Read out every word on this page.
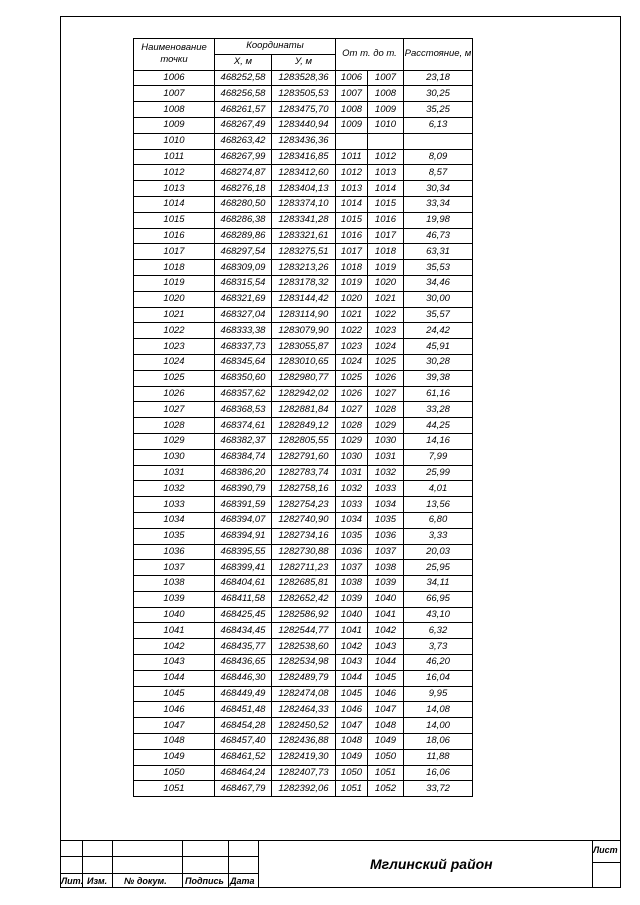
Наименование точки	Координаты		От т. до т.		Расстояние, м
	X, м	У, м			
1006	468252,58	1283528,36	1006	1007	23,18
1007	468256,58	1283505,53	1007	1008	30,25
1008	468261,57	1283475,70	1008	1009	35,25
1009	468267,49	1283440,94	1009	1010	6,13
1010	468263,42	1283436,36			
1011	468267,99	1283416,85	1011	1012	8,09
1012	468274,87	1283412,60	1012	1013	8,57
1013	468276,18	1283404,13	1013	1014	30,34
1014	468280,50	1283374,10	1014	1015	33,34
1015	468286,38	1283341,28	1015	1016	19,98
1016	468289,86	1283321,61	1016	1017	46,73
1017	468297,54	1283275,51	1017	1018	63,31
1018	468309,09	1283213,26	1018	1019	35,53
1019	468315,54	1283178,32	1019	1020	34,46
1020	468321,69	1283144,42	1020	1021	30,00
1021	468327,04	1283114,90	1021	1022	35,57
1022	468333,38	1283079,90	1022	1023	24,42
1023	468337,73	1283055,87	1023	1024	45,91
1024	468345,64	1283010,65	1024	1025	30,28
1025	468350,60	1282980,77	1025	1026	39,38
1026	468357,62	1282942,02	1026	1027	61,16
1027	468368,53	1282881,84	1027	1028	33,28
1028	468374,61	1282849,12	1028	1029	44,25
1029	468382,37	1282805,55	1029	1030	14,16
1030	468384,74	1282791,60	1030	1031	7,99
1031	468386,20	1282783,74	1031	1032	25,99
1032	468390,79	1282758,16	1032	1033	4,01
1033	468391,59	1282754,23	1033	1034	13,56
1034	468394,07	1282740,90	1034	1035	6,80
1035	468394,91	1282734,16	1035	1036	3,33
1036	468395,55	1282730,88	1036	1037	20,03
1037	468399,41	1282711,23	1037	1038	25,95
1038	468404,61	1282685,81	1038	1039	34,11
1039	468411,58	1282652,42	1039	1040	66,95
1040	468425,45	1282586,92	1040	1041	43,10
1041	468434,45	1282544,77	1041	1042	6,32
1042	468435,77	1282538,60	1042	1043	3,73
1043	468436,65	1282534,98	1043	1044	46,20
1044	468446,30	1282489,79	1044	1045	16,04
1045	468449,49	1282474,08	1045	1046	9,95
1046	468451,48	1282464,33	1046	1047	14,08
1047	468454,28	1282450,52	1047	1048	14,00
1048	468457,40	1282436,88	1048	1049	18,06
1049	468461,52	1282419,30	1049	1050	11,88
1050	468464,24	1282407,73	1050	1051	16,06
1051	468467,79	1282392,06	1051	1052	33,72
Лит. Изм. № докум. Подпись Дата
Лист
Мглинский район
